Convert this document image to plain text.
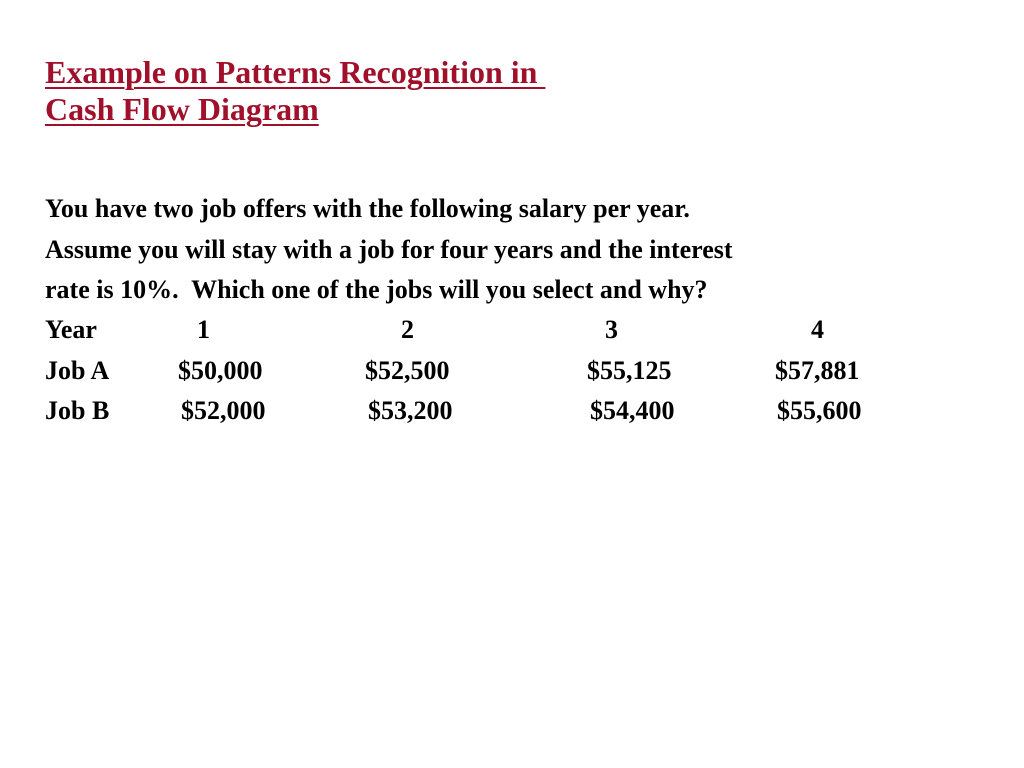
Example on Patterns Recognition in
Cash Flow Diagram
You have two job offers with the following salary per year.
Assume you will stay with a job for four years and the interest
rate is 10%.  Which one of the jobs will you select and why?
Year	1	2	3	4
Job A	$50,000	$52,500	$55,125	$57,881
Job B	$52,000	$53,200	$54,400	$55,600
